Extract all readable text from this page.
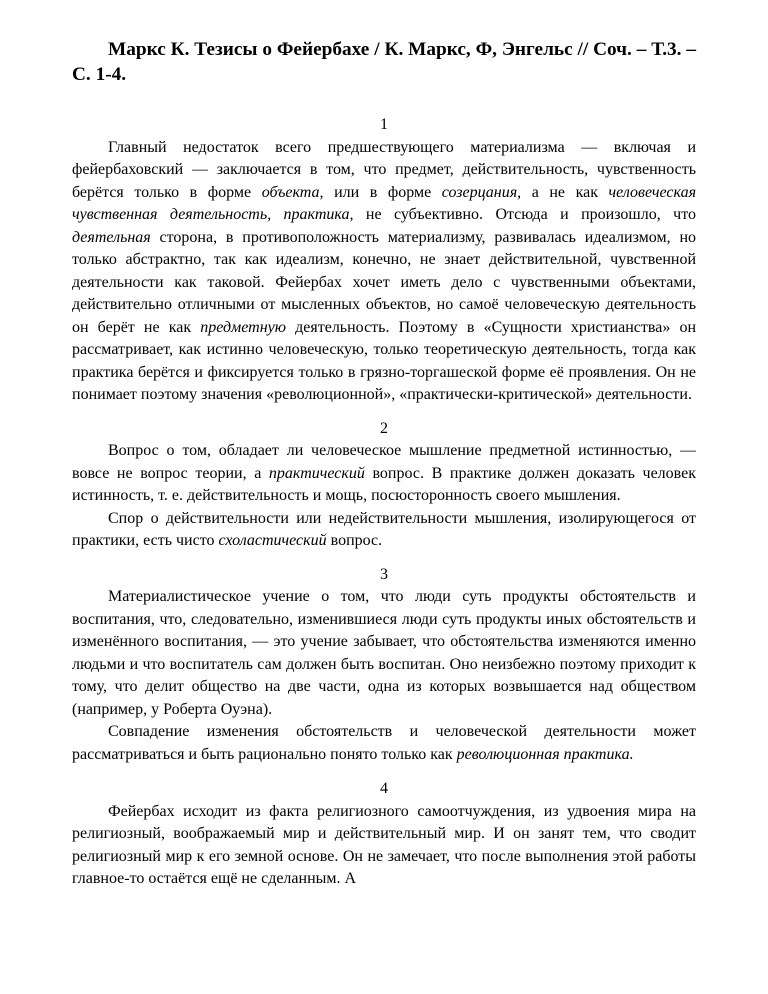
Маркс К. Тезисы о Фейербахе / К. Маркс, Ф, Энгельс // Соч. – Т.3. – С. 1-4.

1

Главный недостаток всего предшествующего материализма — включая и фейербаховский — заключается в том, что предмет, действительность, чувственность берётся только в форме объекта, или в форме созерцания, а не как человеческая чувственная деятельность, практика, не субъективно. Отсюда и произошло, что деятельная сторона, в противоположность материализму, развивалась идеализмом, но только абстрактно, так как идеализм, конечно, не знает действительной, чувственной деятельности как таковой. Фейербах хочет иметь дело с чувственными объектами, действительно отличными от мысленных объектов, но самоё человеческую деятельность он берёт не как предметную деятельность. Поэтому в «Сущности христианства» он рассматривает, как истинно человеческую, только теоретическую деятельность, тогда как практика берётся и фиксируется только в грязно-торгашеской форме её проявления. Он не понимает поэтому значения «революционной», «практически-критической» деятельности.

2

Вопрос о том, обладает ли человеческое мышление предметной истинностью, — вовсе не вопрос теории, а практический вопрос. В практике должен доказать человек истинность, т. е. действительность и мощь, посюсторонность своего мышления.

Спор о действительности или недействительности мышления, изолирующегося от практики, есть чисто схоластический вопрос.

3

Материалистическое учение о том, что люди суть продукты обстоятельств и воспитания, что, следовательно, изменившиеся люди суть продукты иных обстоятельств и изменённого воспитания, — это учение забывает, что обстоятельства изменяются именно людьми и что воспитатель сам должен быть воспитан. Оно неизбежно поэтому приходит к тому, что делит общество на две части, одна из которых возвышается над обществом (например, у Роберта Оуэна).

Совпадение изменения обстоятельств и человеческой деятельности может рассматриваться и быть рационально понято только как революционная практика.

4

Фейербах исходит из факта религиозного самоотчуждения, из удвоения мира на религиозный, воображаемый мир и действительный мир. И он занят тем, что сводит религиозный мир к его земной основе. Он не замечает, что после выполнения этой работы главное-то остаётся ещё не сделанным. А
